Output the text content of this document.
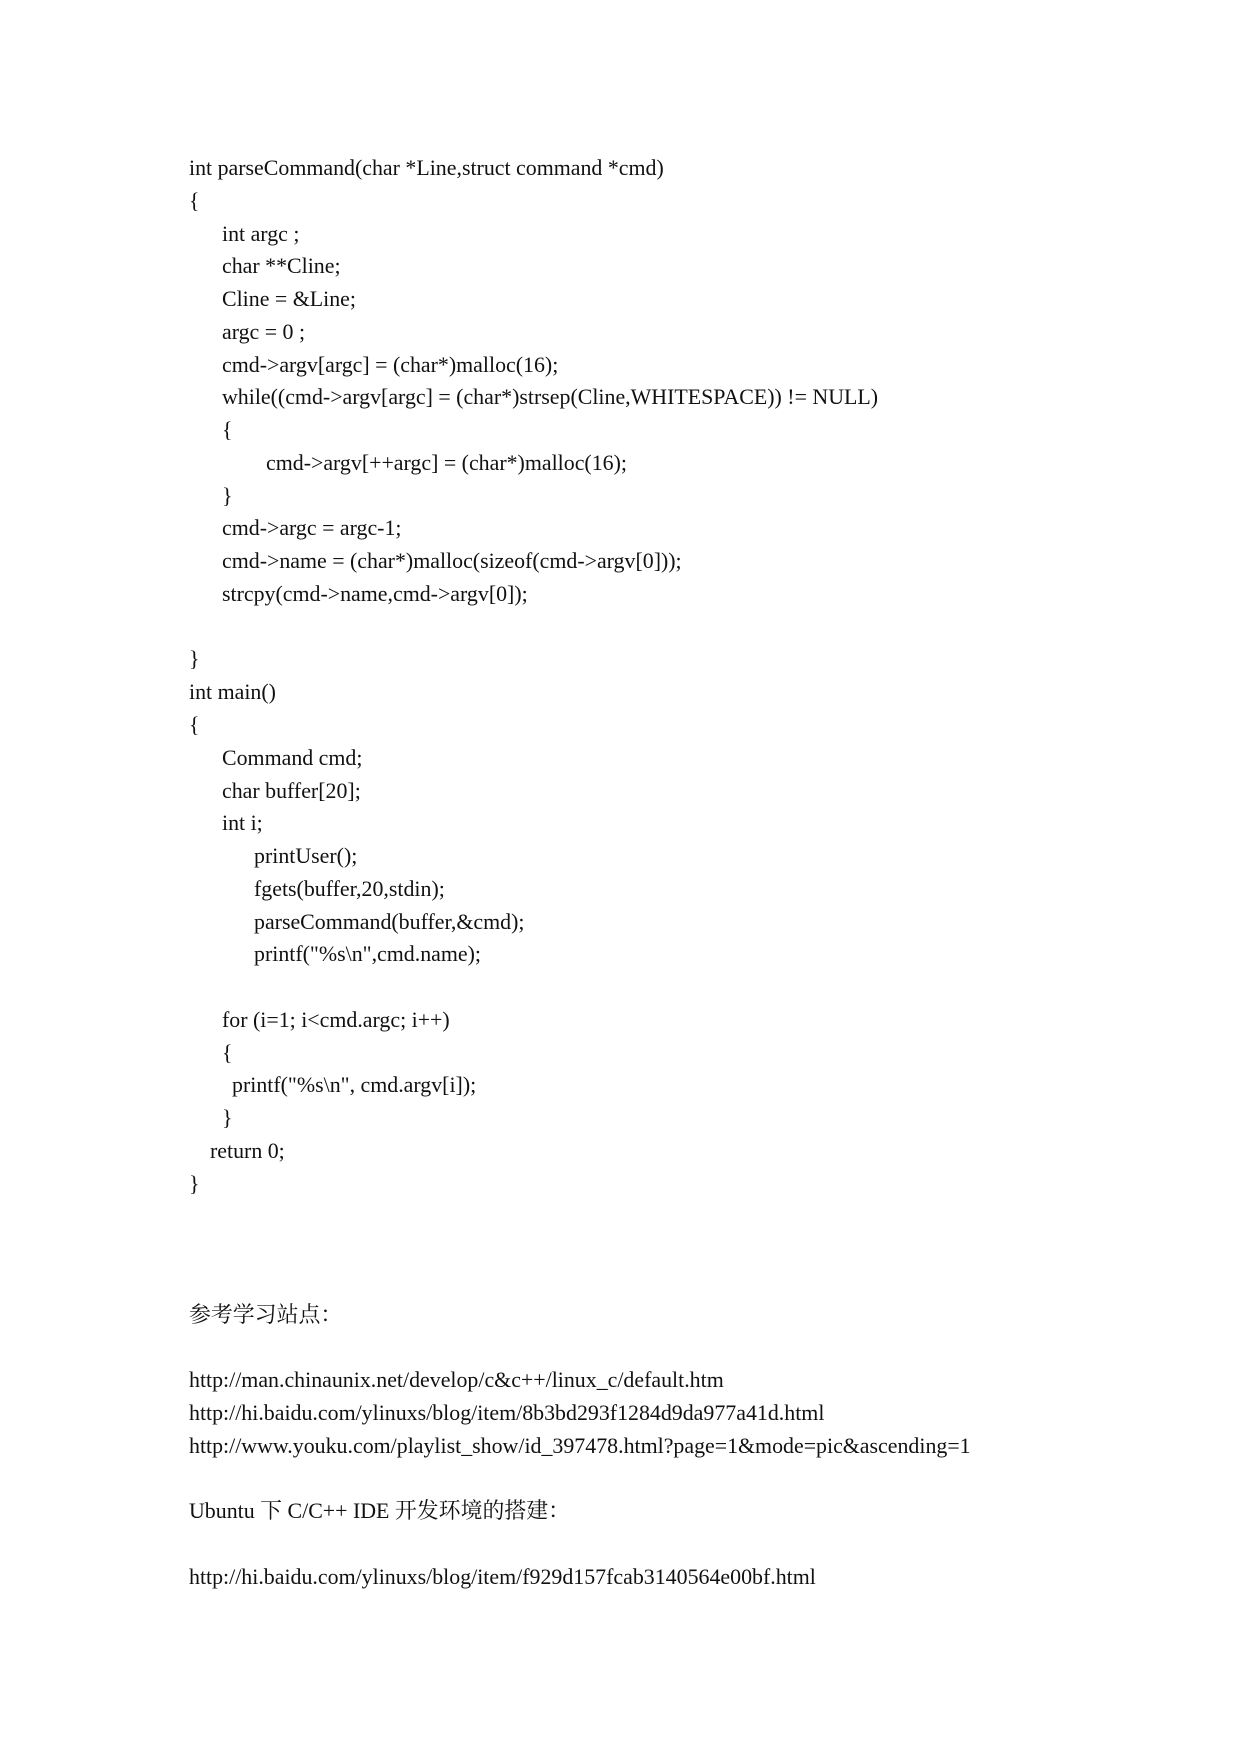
int parseCommand(char *Line,struct command *cmd)
{
int argc ;
char **Cline;
Cline = &Line;
argc = 0 ;
cmd->argv[argc] = (char*)malloc(16);
while((cmd->argv[argc] = (char*)strsep(Cline,WHITESPACE)) != NULL)
{
cmd->argv[++argc] = (char*)malloc(16);
}
cmd->argc = argc-1;
cmd->name = (char*)malloc(sizeof(cmd->argv[0]));
strcpy(cmd->name,cmd->argv[0]);
}
int main()
{
Command cmd;
char buffer[20];
int i;
printUser();
fgets(buffer,20,stdin);
parseCommand(buffer,&cmd);
printf("%s\n",cmd.name);
for (i=1; i<cmd.argc; i++)
{
printf("%s\n", cmd.argv[i]);
}
return 0;
}
参考学习站点：
http://man.chinaunix.net/develop/c&c++/linux_c/default.htm
http://hi.baidu.com/ylinuxs/blog/item/8b3bd293f1284d9da977a41d.html
http://www.youku.com/playlist_show/id_397478.html?page=1&mode=pic&ascending=1
Ubuntu 下 C/C++ IDE 开发环境的搭建：
http://hi.baidu.com/ylinuxs/blog/item/f929d157fcab3140564e00bf.html
